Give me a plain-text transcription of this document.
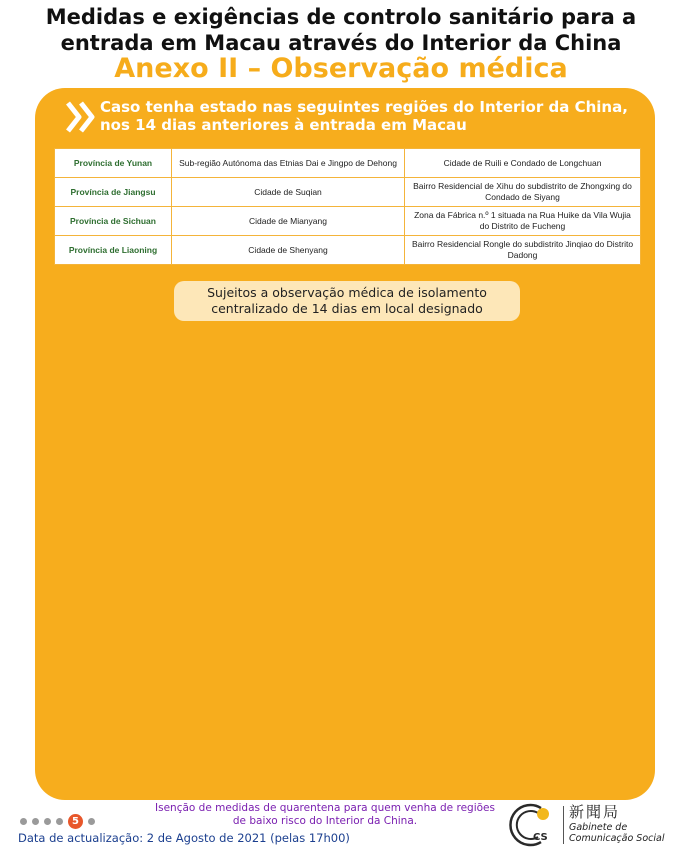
Medidas e exigências de controlo sanitário para a entrada em Macau através do Interior da China
Anexo II – Observação médica
Caso tenha estado nas seguintes regiões do Interior da China, nos 14 dias anteriores à entrada em Macau
Província de Yunan	Sub-região Autónoma das Etnias Dai e Jingpo de Dehong	Cidade de Ruili e Condado de Longchuan
Província de Jiangsu	Cidade de Suqian	Bairro Residencial de Xihu do subdistrito de Zhongxing do Condado de Siyang
Província de Sichuan	Cidade de Mianyang	Zona da Fábrica n.º 1 situada na Rua Huike da Vila Wujia do Distrito de Fucheng
Província de Liaoning	Cidade de Shenyang	Bairro Residencial Rongle do subdistrito Jinqiao do Distrito Dadong
Sujeitos a observação médica de isolamento centralizado de 14 dias em local designado
5
Isenção de medidas de quarentena para quem venha de regiões de baixo risco do Interior da China.
Data de actualização: 2 de Agosto de 2021 (pelas 17h00)	CS
新聞局
Gabinete de
Comunicação Social
